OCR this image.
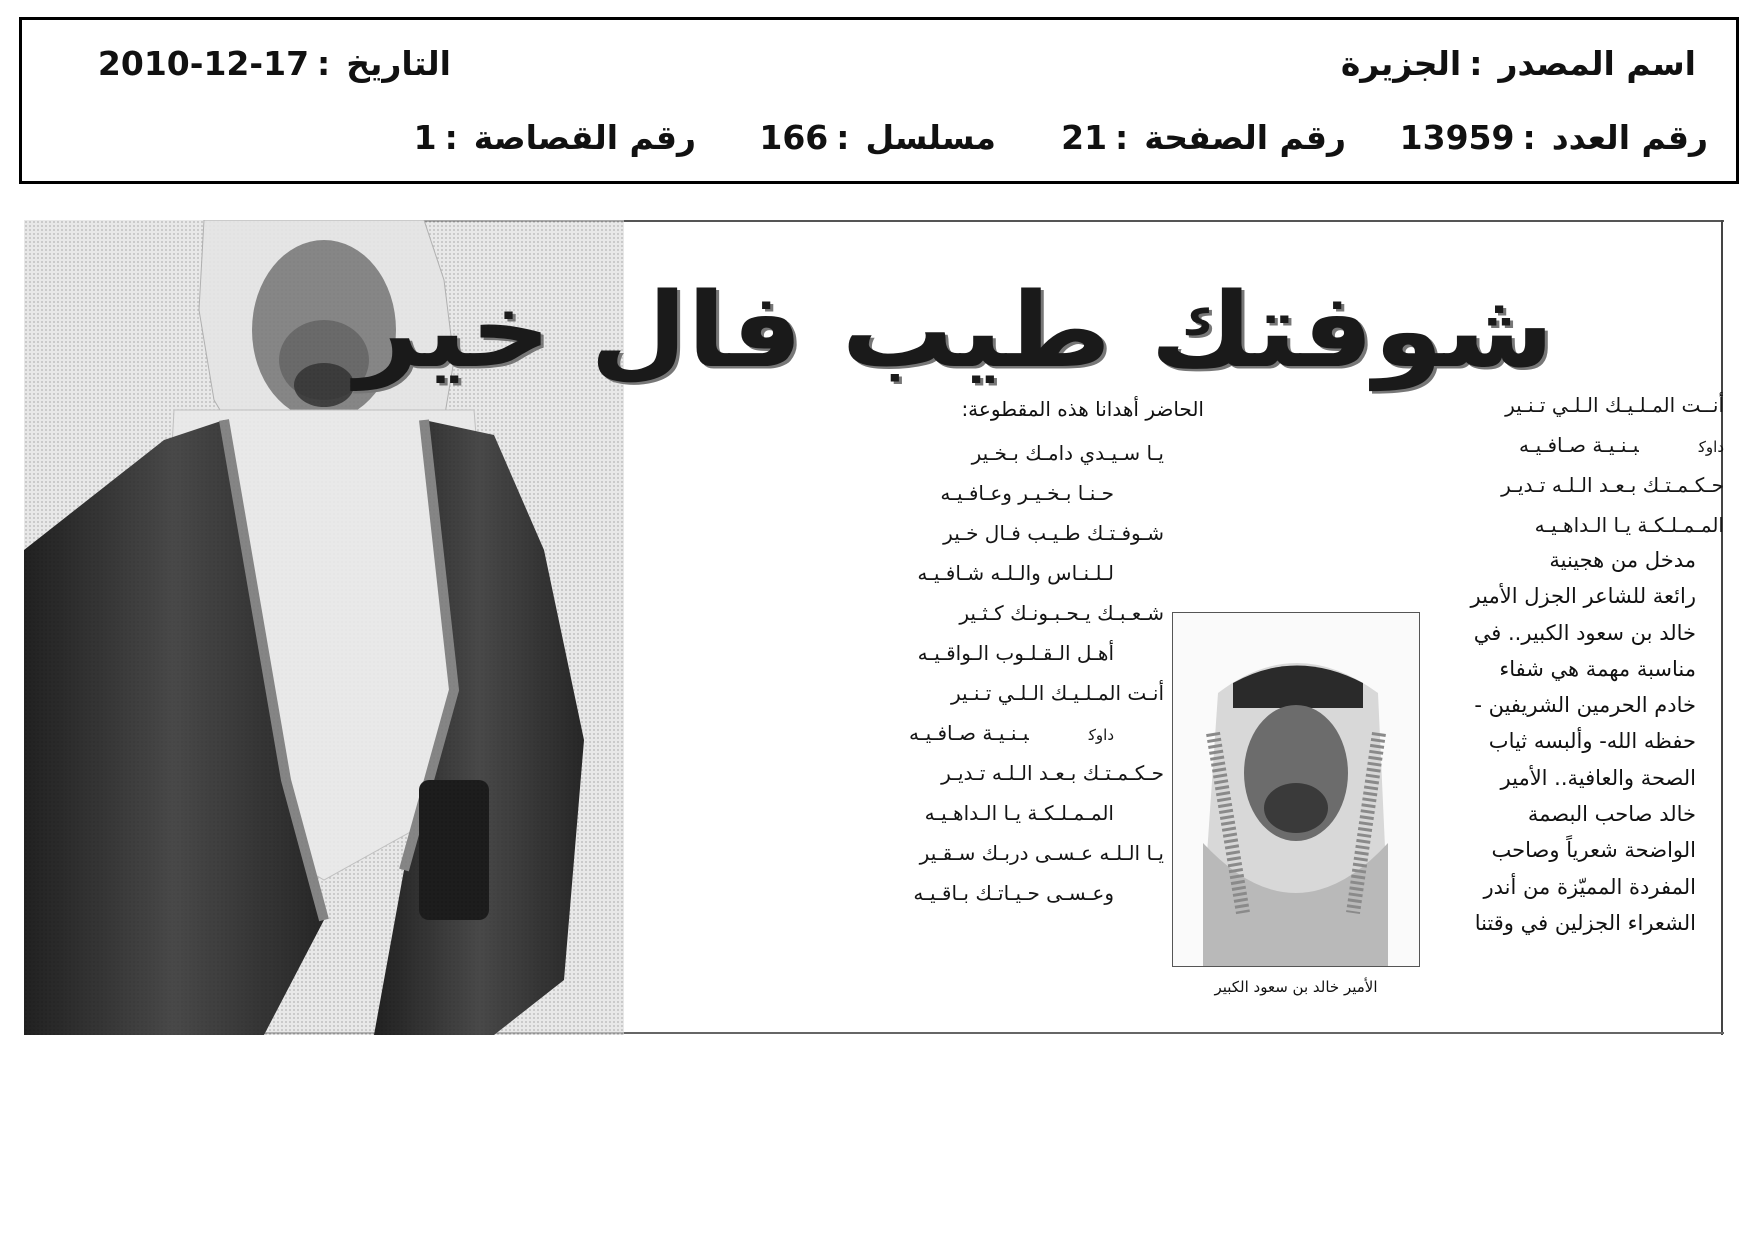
اسم المصدر:الجزيرة
التاريخ:17-12-2010
رقم العدد:13959
رقم الصفحة:21
مسلسل:166
رقم القصاصة:1
شوفتك طيب فال خير
أنــت المـلـيـك الـلـي تـنـير
داوكبـنـيـة صـافـيـه
حـكـمـتـك بـعـد الـلـه تـديـر
المـمـلـكـة يـا الـداهـيـه
الحاضر أهدانا هذه المقطوعة:
يـا سـيـدي دامـك بـخـير
حـنـا بـخـيـر وعـافـيـه
شـوفـتـك طـيـب فـال خـير
لـلـنـاس والـلـه شـافـيـه
شـعـبـك يـحـبـونـك كـثـير
أهـل الـقـلـوب الـواقـيـه
أنـت المـلـيـك الـلـي تـنـير
داوكبـنـيـة صـافـيـه
حـكـمـتـك بـعـد الـلـه تـديـر
المـمـلـكـة يـا الـداهـيـه
يـا الـلـه عـسـى دربـك سـقـير
وعـسـى حـيـاتـك بـاقـيـه
الأمير خالد بن سعود الكبير
مدخل من هجينية
رائعة للشاعر الجزل الأمير
خالد بن سعود الكبير.. في
مناسبة مهمة هي شفاء
خادم الحرمين الشريفين -
حفظه الله- وألبسه ثياب
الصحة والعافية.. الأمير
خالد صاحب البصمة
الواضحة شعرياً وصاحب
المفردة المميّزة من أندر
الشعراء الجزلين في وقتنا
